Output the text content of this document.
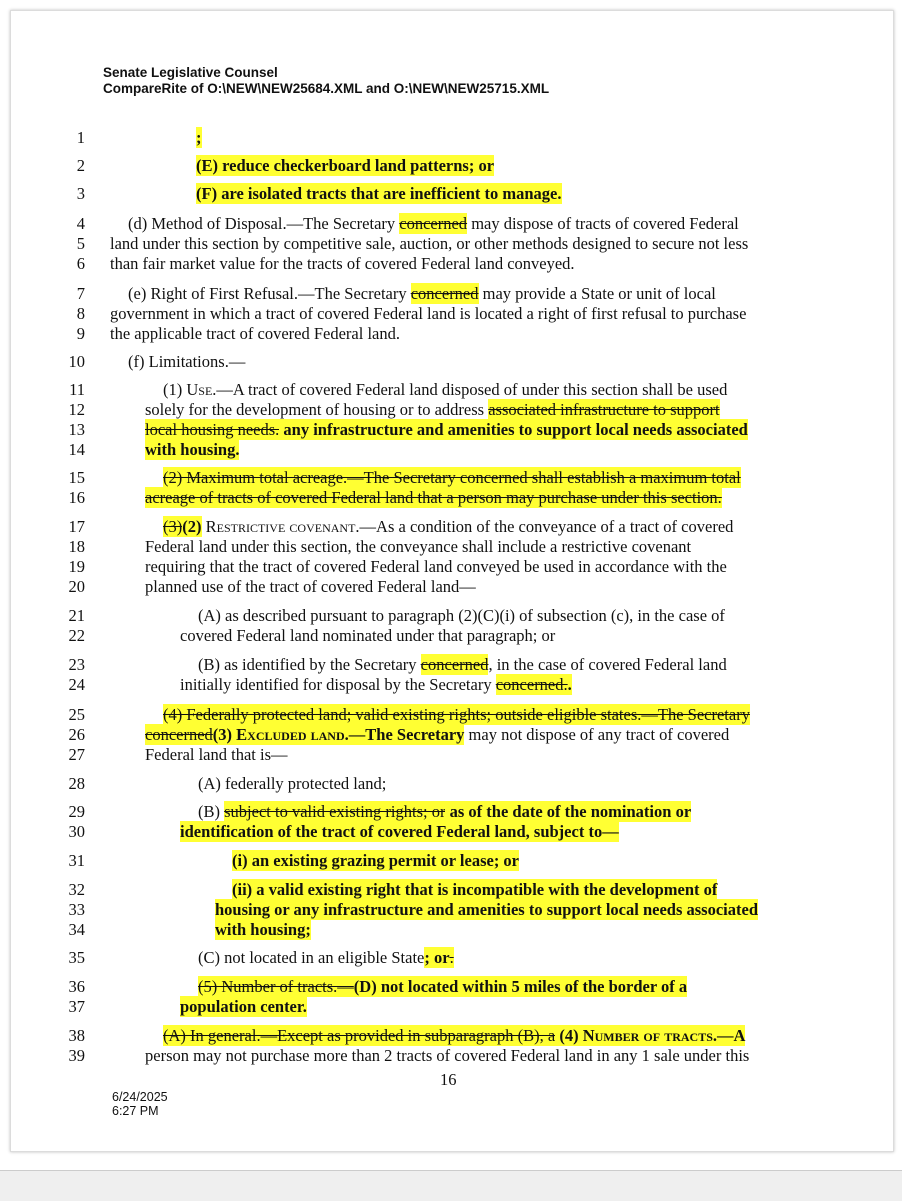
Senate Legislative Counsel
CompareRite of O:\NEW\NEW25684.XML and O:\NEW\NEW25715.XML
1	;
2	(E) reduce checkerboard land patterns; or
3	(F) are isolated tracts that are inefficient to manage.
4	(d) Method of Disposal.—The Secretary concerned may dispose of tracts of covered Federal
5 land under this section by competitive sale, auction, or other methods designed to secure not less
6 than fair market value for the tracts of covered Federal land conveyed.
7	(e) Right of First Refusal.—The Secretary concerned may provide a State or unit of local
8 government in which a tract of covered Federal land is located a right of first refusal to purchase
9 the applicable tract of covered Federal land.
10	(f) Limitations.—
11	(1) Use.—A tract of covered Federal land disposed of under this section shall be used
12	solely for the development of housing or to address associated infrastructure to support
13	local housing needs. any infrastructure and amenities to support local needs associated
14	with housing.
15	(2) Maximum total acreage.—The Secretary concerned shall establish a maximum total
16	acreage of tracts of covered Federal land that a person may purchase under this section.
17	(3)(2) Restrictive covenant.—As a condition of the conveyance of a tract of covered
18	Federal land under this section, the conveyance shall include a restrictive covenant
19	requiring that the tract of covered Federal land conveyed be used in accordance with the
20	planned use of the tract of covered Federal land—
21	(A) as described pursuant to paragraph (2)(C)(i) of subsection (c), in the case of
22	covered Federal land nominated under that paragraph; or
23	(B) as identified by the Secretary concerned, in the case of covered Federal land
24	initially identified for disposal by the Secretary concerned..
25	(4) Federally protected land; valid existing rights; outside eligible states.—The Secretary
26	concerned(3) Excluded land.—The Secretary may not dispose of any tract of covered
27	Federal land that is—
28	(A) federally protected land;
29	(B) subject to valid existing rights; or as of the date of the nomination or
30	identification of the tract of covered Federal land, subject to—
31	(i) an existing grazing permit or lease; or
32	(ii) a valid existing right that is incompatible with the development of
33	housing or any infrastructure and amenities to support local needs associated
34	with housing;
35	(C) not located in an eligible State; or.
36	(5) Number of tracts.—(D) not located within 5 miles of the border of a
37	population center.
38	(A) In general.—Except as provided in subparagraph (B), a (4) Number of tracts.—A
39	person may not purchase more than 2 tracts of covered Federal land in any 1 sale under this
16
6/24/2025
6:27 PM
